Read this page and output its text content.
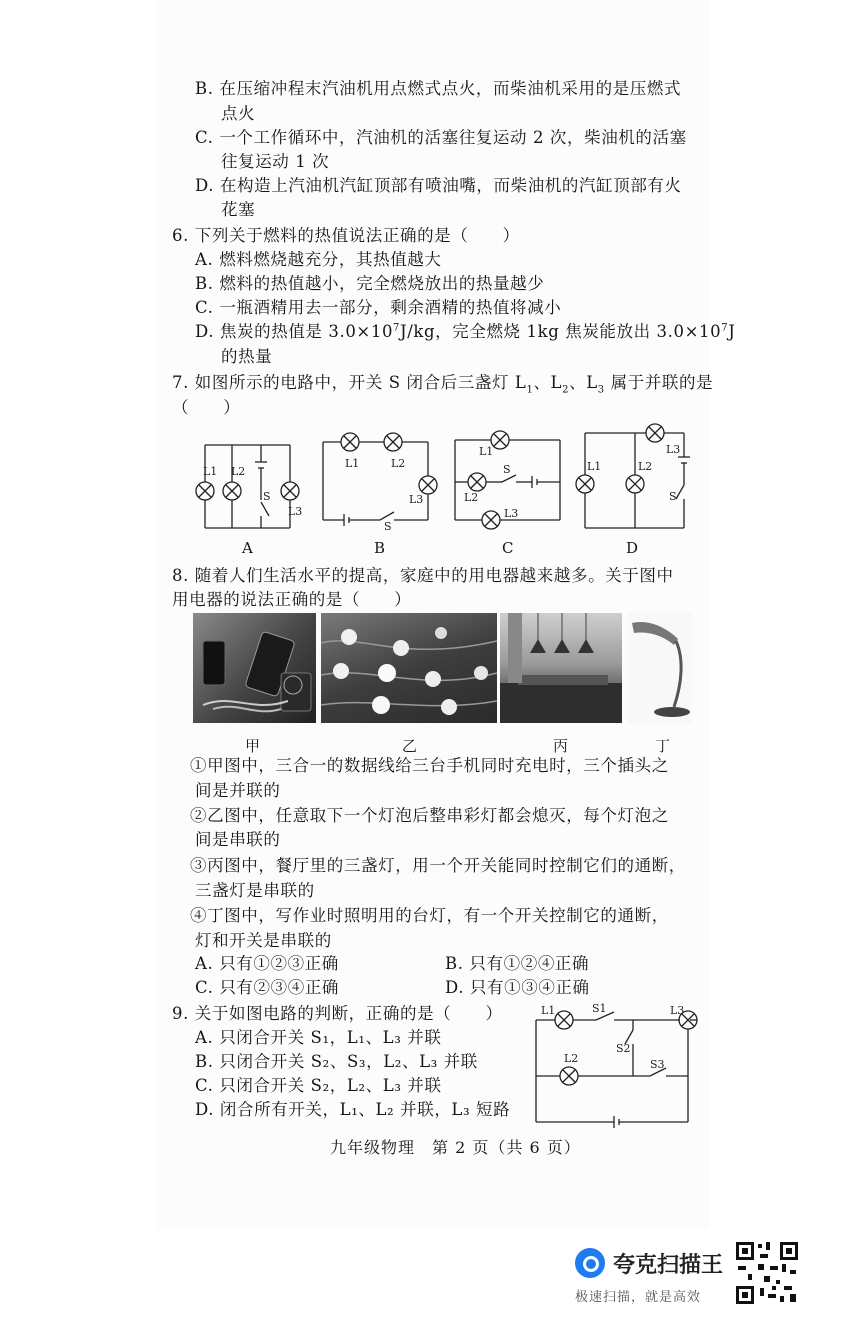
B. 在压缩冲程末汽油机用点燃式点火，而柴油机采用的是压燃式
点火
C. 一个工作循环中，汽油机的活塞往复运动 2 次，柴油机的活塞
往复运动 1 次
D. 在构造上汽油机汽缸顶部有喷油嘴，而柴油机的汽缸顶部有火
花塞
6. 下列关于燃料的热值说法正确的是（　　）
A. 燃料燃烧越充分，其热值越大
B. 燃料的热值越小，完全燃烧放出的热量越少
C. 一瓶酒精用去一部分，剩余酒精的热值将减小
D. 焦炭的热值是 $3.0\times 10^7J/kg$，完全燃烧 1kg 焦炭能放出 $3.0\times 10^7J$
的热量
7. 如图所示的电路中，开关 S 闭合后三盏灯 $L_1$、$L_2$、$L_3$ 属于并联的是
（　　）
L1 L2
S
L3
A
L1	L2
L3
S
B
L1
S
L2
L3
C
L1	L2
L3
S
D
8. 随着人们生活水平的提高，家庭中的用电器越来越多。关于图中
用电器的说法正确的是（　　）
甲	乙	丙	丁
①甲图中，三合一的数据线给三台手机同时充电时，三个插头之
间是并联的
②乙图中，任意取下一个灯泡后整串彩灯都会熄灭，每个灯泡之
间是串联的
③丙图中，餐厅里的三盏灯，用一个开关能同时控制它们的通断，
三盏灯是串联的
④丁图中，写作业时照明用的台灯，有一个开关控制它的通断，
灯和开关是串联的
A. 只有①②③正确	B. 只有①②④正确
C. 只有②③④正确	D. 只有①③④正确
9. 关于如图电路的判断，正确的是（　　）
A. 只闭合开关 S₁，L₁、L₃ 并联
B. 只闭合开关 S₂、S₃，L₂、L₃ 并联
C. 只闭合开关 S₂，L₂、L₃ 并联
D. 闭合所有开关，L₁、L₂ 并联，L₃ 短路
L1	S1	L3
S2
L2	S3
九年级物理　第 2 页（共 6 页）
夸克扫描王
极速扫描，就是高效
